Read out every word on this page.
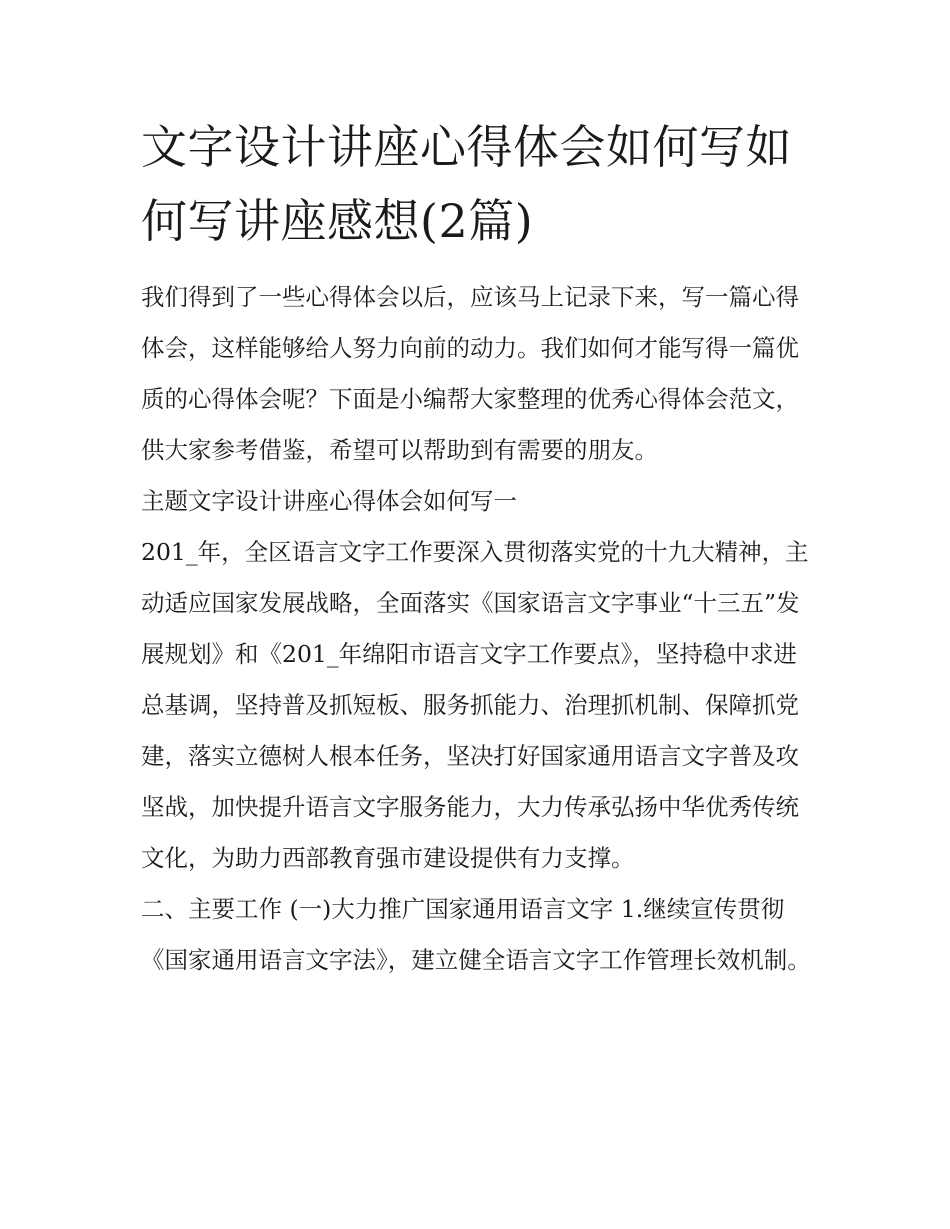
文字设计讲座心得体会如何写如何写讲座感想(2篇)

我们得到了一些心得体会以后，应该马上记录下来，写一篇心得体会，这样能够给人努力向前的动力。我们如何才能写得一篇优质的心得体会呢？下面是小编帮大家整理的优秀心得体会范文，供大家参考借鉴，希望可以帮助到有需要的朋友。

主题文字设计讲座心得体会如何写一

201_年，全区语言文字工作要深入贯彻落实党的十九大精神，主动适应国家发展战略，全面落实《国家语言文字事业“十三五”发展规划》和《201_年绵阳市语言文字工作要点》，坚持稳中求进总基调，坚持普及抓短板、服务抓能力、治理抓机制、保障抓党建，落实立德树人根本任务，坚决打好国家通用语言文字普及攻坚战，加快提升语言文字服务能力，大力传承弘扬中华优秀传统文化，为助力西部教育强市建设提供有力支撑。

二、主要工作 (一)大力推广国家通用语言文字 1.继续宣传贯彻《国家通用语言文字法》，建立健全语言文字工作管理长效机制。
